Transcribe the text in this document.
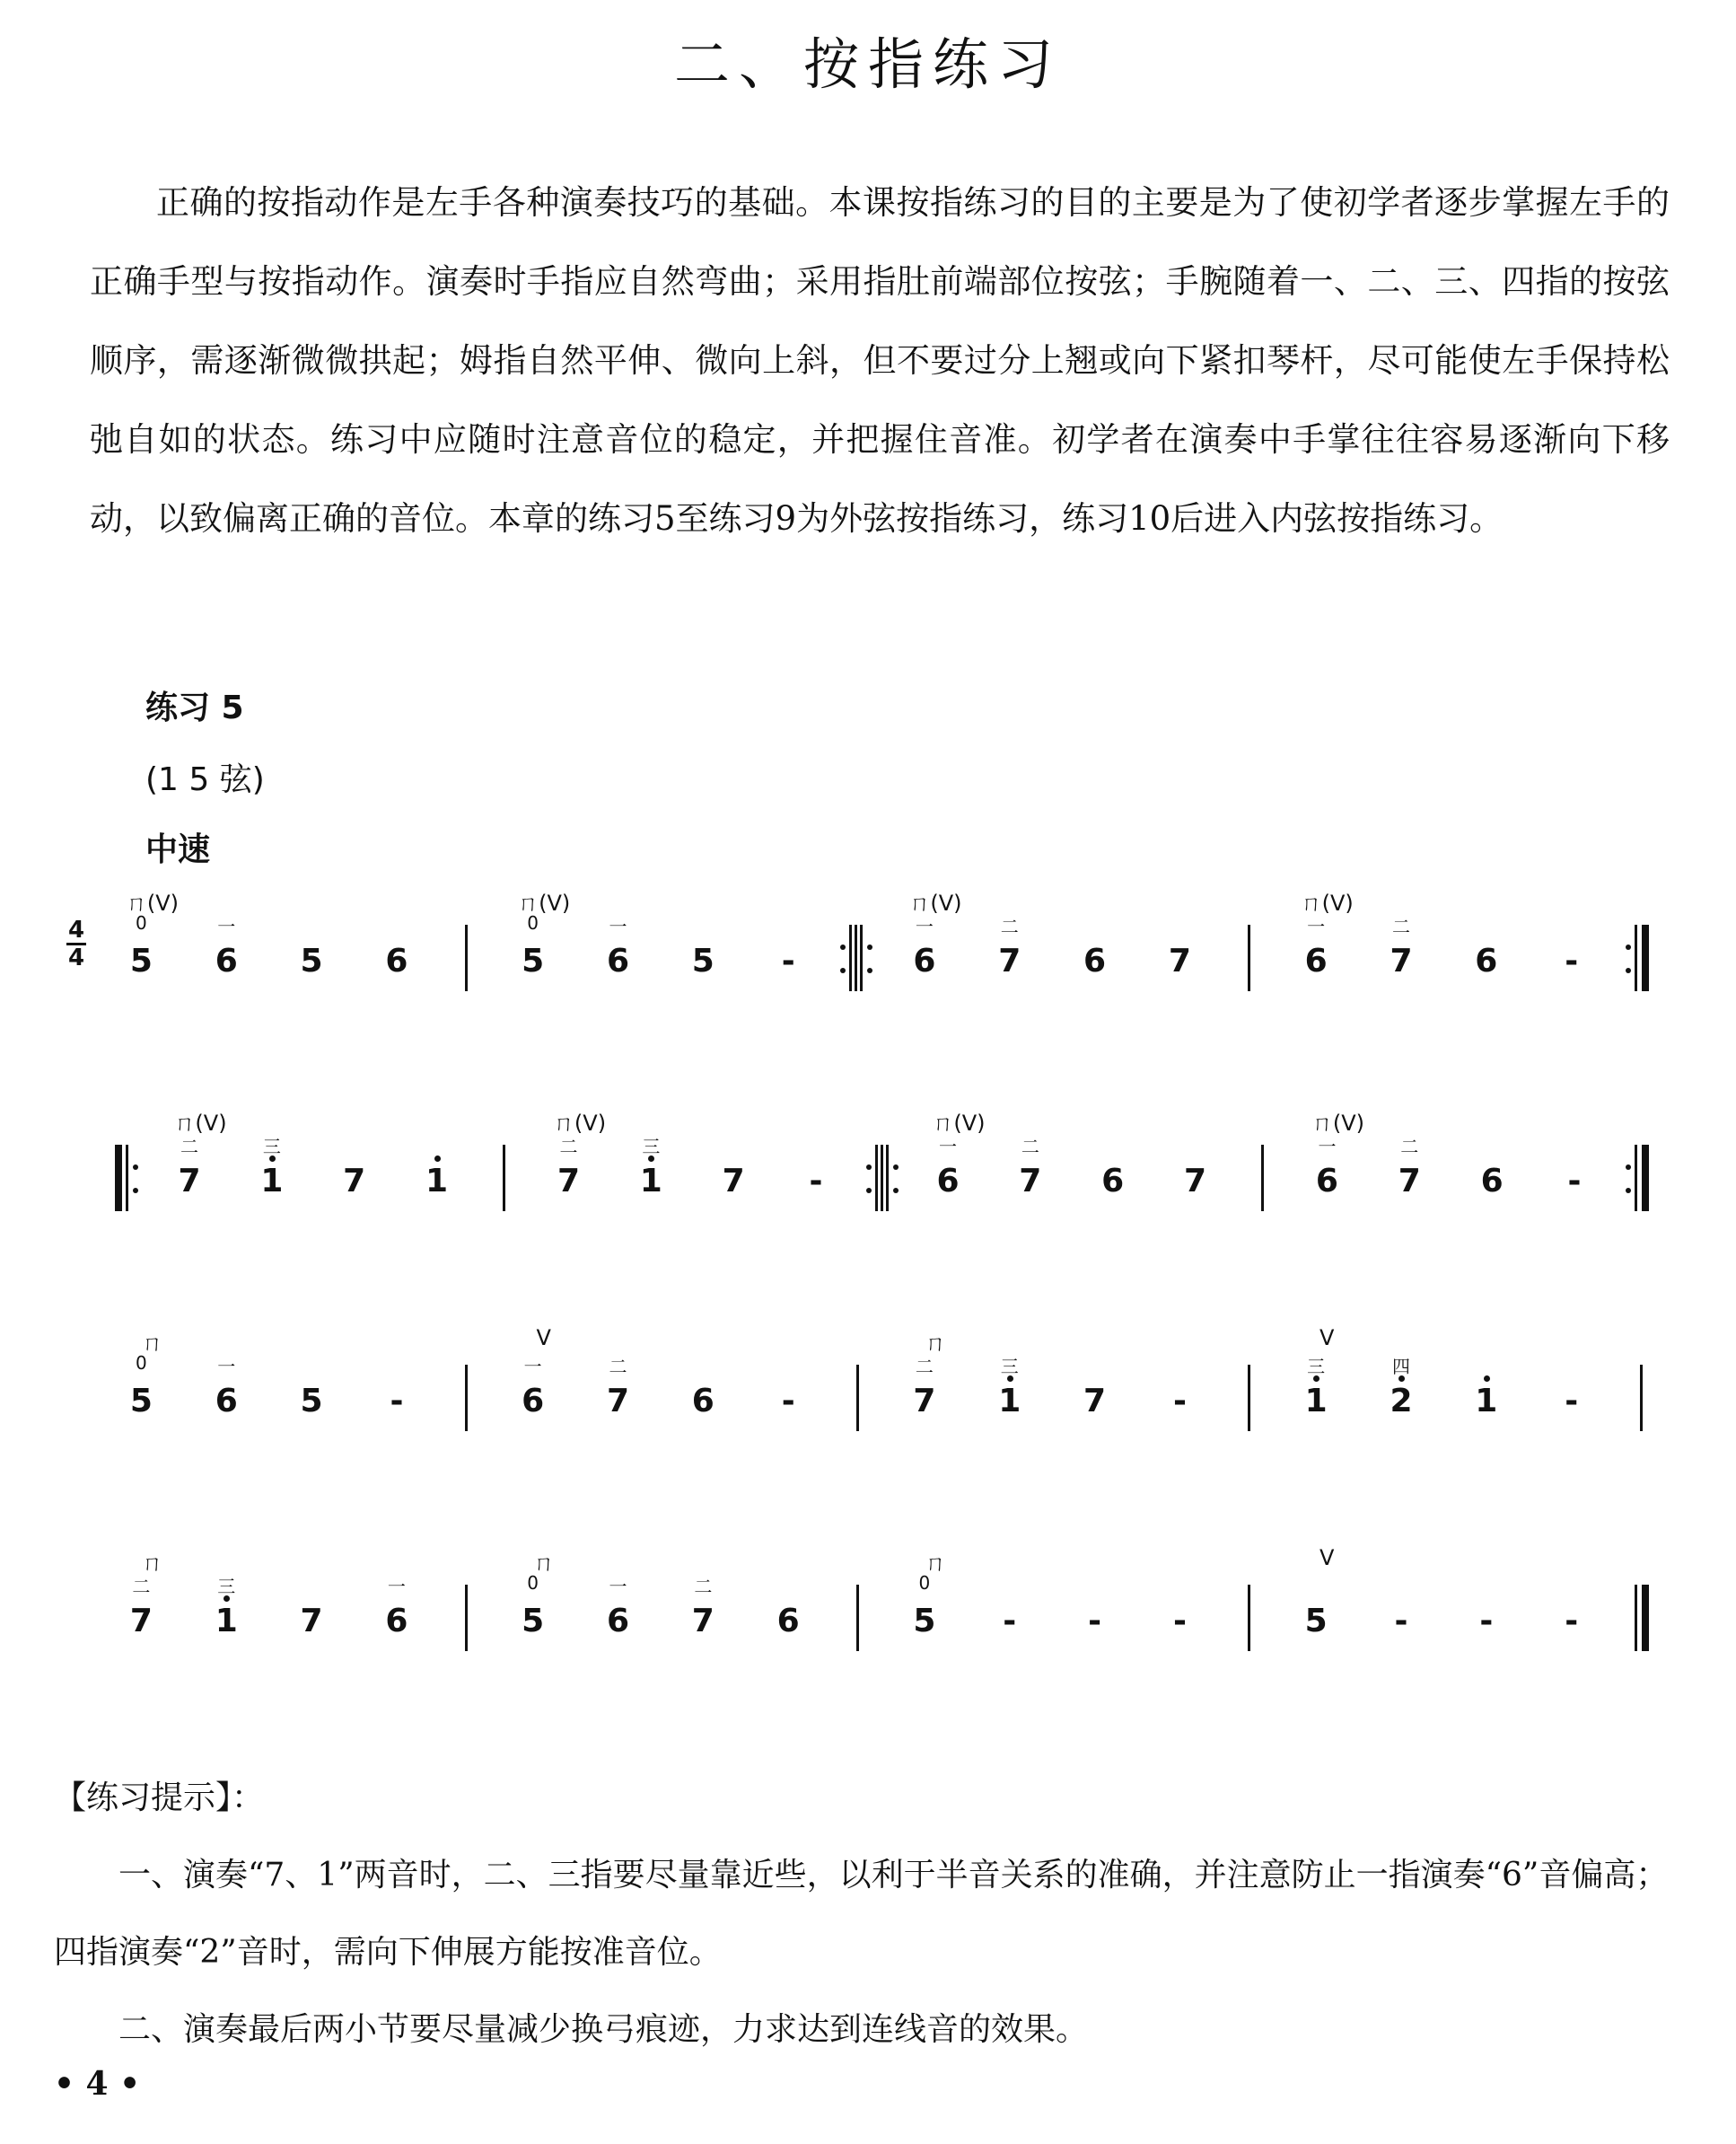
二、按指练习

正确的按指动作是左手各种演奏技巧的基础。本课按指练习的目的主要是为了使初学者逐步掌握左手的正确手型与按指动作。演奏时手指应自然弯曲；采用指肚前端部位按弦；手腕随着一、二、三、四指的按弦顺序，需逐渐微微拱起；姆指自然平伸、微向上斜，但不要过分上翘或向下紧扣琴杆，尽可能使左手保持松弛自如的状态。练习中应随时注意音位的稳定，并把握住音准。初学者在演奏中手掌往往容易逐渐向下移动，以致偏离正确的音位。本章的练习5至练习9为外弦按指练习，练习10后进入内弦按指练习。

练习 5
(1 5 弦)
中速
4
4	5
0
ㄇ(V)
6
一
5	6	5
0
ㄇ(V)
6
一
5	-	6
一
ㄇ(V)
7
二
6	7	6
一
ㄇ(V)
7
二
6	-
7
二
ㄇ(V)
1
三
7	1	7
二
ㄇ(V)
1
三
7	-	6
一
ㄇ(V)
7
二
6	7	6
一
ㄇ(V)
7
二
6	-
5
0
ㄇ
6
一
5	-	6
一
V
7
二
6	-	7
二
ㄇ
1
三
7	-	1
三
V
2
四
1	-
7
二
ㄇ
1
三
7	6
一
5
0
ㄇ
6
一
7
二
6	5
0
ㄇ
-	-	-	5
V
-	-	-

【练习提示】：

一、演奏“7、1”两音时，二、三指要尽量靠近些，以利于半音关系的准确，并注意防止一指演奏“6”音偏高；四指演奏“2”音时，需向下伸展方能按准音位。

二、演奏最后两小节要尽量减少换弓痕迹，力求达到连线音的效果。

• 4 •
